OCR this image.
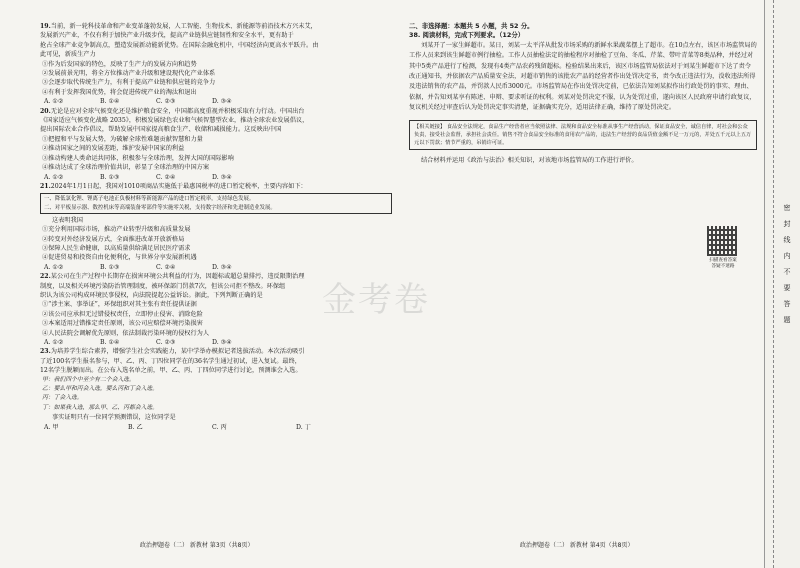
19.当前，新一轮科技革命和产业变革蓬勃发展，人工智能、生物技术、新能源等前沿技术方兴未艾，
发展新兴产业，不仅有利于加快产业升级步伐，提高产业链供应链韧性和安全水平，更有助于
抢占全球产业竞争制高点，塑造发展新动能新优势。在国际金融危机中，中国经济向更高水平跃升。由
此可见，新质生产力
①作为后发国家的特色，反映了生产力的发展方向和趋势
②发展前景光明，将全方位推动产业升级和建设现代化产业体系
③会逐步取代传统生产力，有利于提高产业链和供应链的竞争力
④有利于发挥我国优势，将会促进传统产业的淘汰和退出
A. ①②	B. ①④	C. ②③	D. ③④
20.无论是应对全球气候变化还是维护粮食安全，中国都高度重视并积极采取有力行动。中国出台
《国家适应气候变化战略 2035》，积极发展绿色农业和气候智慧型农业，推动全球农业发展倡议，
提出国际农业合作倡议，帮助发展中国家提高粮食生产、收储和减损能力。这反映出中国
①把握和平与发展大势，为破解全球性难题贡献智慧和力量
②推动国家之间的发展差距，维护发展中国家的利益
③推动构建人类命运共同体，积极参与全球治理，发挥大国的国际影响
④推动达成了全球治理价值共识，彰显了全球治理的中国方案
A. ①②	B. ①③	C. ②④	D. ③④
21.2024年1月1日起，我国对1010项商品实施低于最惠国税率的进口暂定税率，主要内容如下：
一、降低氯化锂、锂离子电池正负极材料等新能源产品的进口暂定税率，支持绿色发展。
二、对平板显示器、数控机床等高端装备零部件等实施零关税，支持数字经济和先进制造业发展。
这表明我国
①充分利用国际市场，推动产业转型升级和高质量发展
②转变对外经济发展方式，全面推进改革开放新格局
③保障人民生命健康，以高质量供给满足居民医疗需求
④促进贸易和投资自由化便利化，与世界分享发展新机遇
A. ①②	B. ①③	C. ②④	D. ③④
22.某公司在生产过程中长期存在损害环境公共利益的行为，因超标或超总量排污，违反限期治理
制度，以及相关环境污染防治管理制度，被环保部门罚款7次，但该公司拒不整改。环保组
织认为该公司构成环境民事侵权，向法院提起公益诉讼。据此，下列判断正确的是
①“涉主案、事举证”，环保组织对其主张有责任提供证据
②该公司应承担无过错侵权责任，立即停止侵害、消除危险
③本案适用过错推定责任原则，该公司应赔偿环境污染损害
④人民法院会调解优先原则，依法制裁污染环境的侵权行为人
A. ①②	B. ①④	C. ②③	D. ③④
23.为培养学生综合素养，增强学生社会实践能力，某中学举办模拟记者选拔活动。本次活动吸引
了近100名学生报名参与，甲、乙、丙、丁四位同学在的36名学生通过初试，进入复试。最终，
12名学生脱颖而出。在公布入选名单之前，甲、乙、丙、丁四位同学进行讨论，预测谁会入选。
甲：我们四个中至少有二个会入选。
乙：要么甲和丙会入选，要么丙和丁会入选。
丙：丁会入选。
丁：如果我入选，那么甲、乙、丙都会入选。
事实证明只有一位同学预测错误，这位同学是
A. 甲	B. 乙	C. 丙	D. 丁
政治押题卷（二） 新教材 第3页（共8页）
二、非选择题：本题共 5 小题，共 52 分。
38. 阅读材料，完成下列要求。（12分）
刘某开了一家生鲜超市。某日，刘某一太平洋从批发市场采购的新鲜水果蔬菜摆上了超市。在10点左右，该区市场监管局的工作人员来到该生鲜超市例行抽检。工作人员抽检法定的抽检程序对抽检了豆角、冬瓜、芹菜、带叶青菜等8类品种，并经过对其中5类产品进行了检测，发现有4类产品农药残留超标。检验结果出来后，该区市场监管局依法对于刘某生鲜超市下达了责令改正通知书，并依据农产品质量安全法，对超市销售的该批农产品的经营者作出处罚决定书，责令改正违法行为，没收违法所得及违法销售的农产品，并罚款人民币3000元。市场监管局在作出处罚决定前，已依法告知刘某拟作出行政处罚的事实、理由、依据，并告知刘某享有陈述、申辩、要求听证的权利。刘某对处罚决定不服，认为处罚过重，遂向该区人民政府申请行政复议，复议机关经过审查后认为处罚决定事实清楚，证据确实充分，适用法律正确，维持了原处罚决定。
【相关链接】 食品安全法规定，食品生产经营者应当依照法律、法规和食品安全标准从事生产经营活动，保证食品安全，诚信自律，对社会和公众负责，接受社会监督，承担社会责任。销售不符合食品安全标准的食用农产品的，违法生产经营的食品货值金额不足一万元的，并处五千元以上五万元以下罚款；情节严重的，吊销许可证。
结合材料并运用《政治与法治》相关知识，对该地市场监管局的工作进行评价。
扫描查看答案
答疑不迷路
政治押题卷（二） 新教材 第4页（共8页）
金考卷
密
封
线
内
不
要
答
题
